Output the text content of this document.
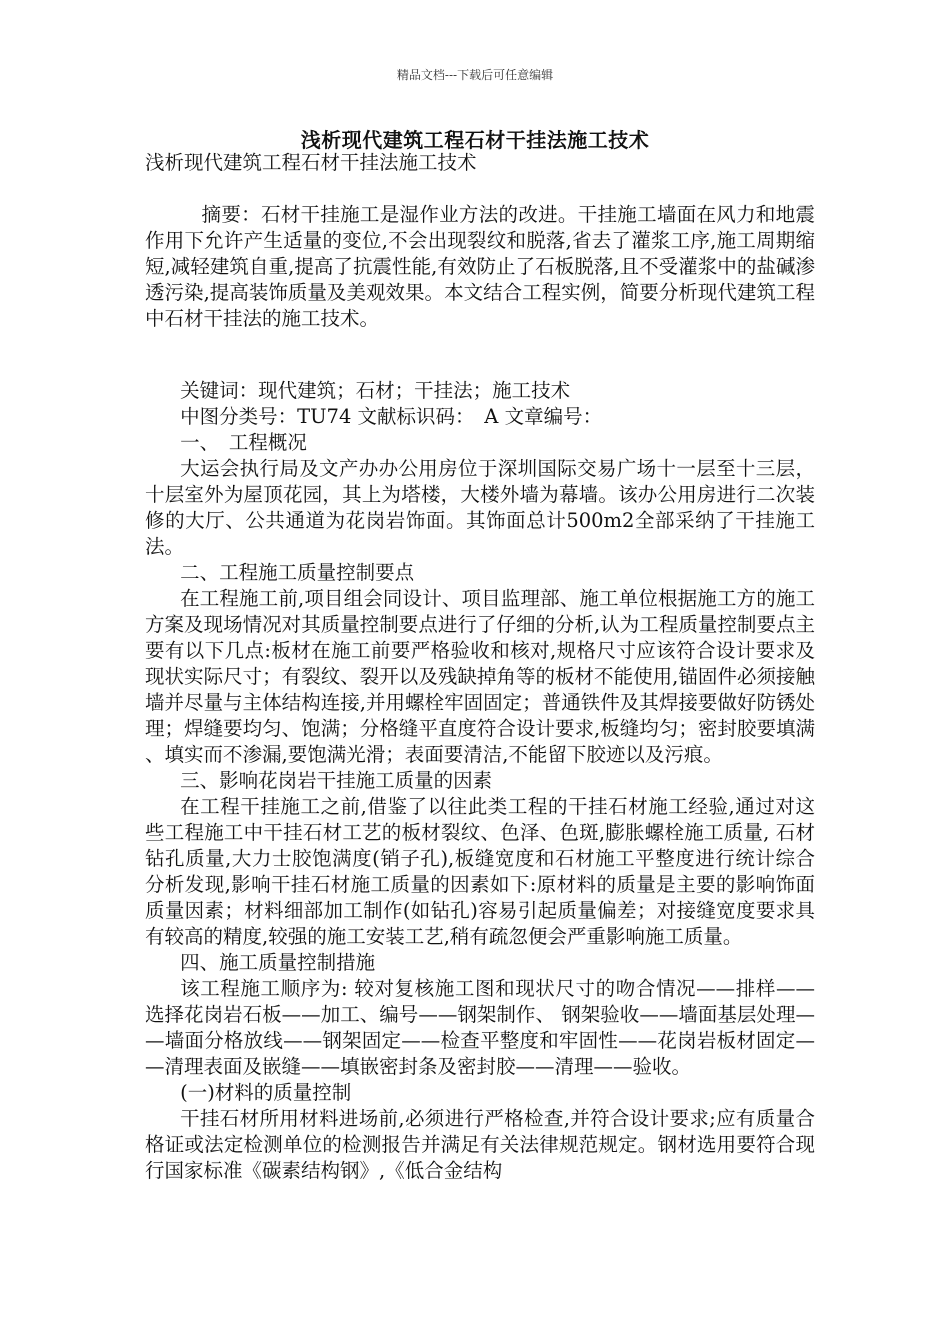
精品文档---下载后可任意编辑
浅析现代建筑工程石材干挂法施工技术

浅析现代建筑工程石材干挂法施工技术

摘要：石材干挂施工是湿作业方法的改进。干挂施工墙面在风力和地震作用下允许产生适量的变位,不会出现裂纹和脱落,省去了灌浆工序,施工周期缩短,减轻建筑自重,提高了抗震性能,有效防止了石板脱落,且不受灌浆中的盐碱渗透污染,提高装饰质量及美观效果。本文结合工程实例，简要分析现代建筑工程中石材干挂法的施工技术。

关键词：现代建筑；石材；干挂法；施工技术

中图分类号：TU74 文献标识码：　A 文章编号：

一、　工程概况

大运会执行局及文产办办公用房位于深圳国际交易广场十一层至十三层，十层室外为屋顶花园，其上为塔楼，大楼外墙为幕墙。该办公用房进行二次装修的大厅、公共通道为花岗岩饰面。其饰面总计500m2全部采纳了干挂施工法。

二、工程施工质量控制要点

在工程施工前,项目组会同设计、项目监理部、施工单位根据施工方的施工方案及现场情况对其质量控制要点进行了仔细的分析,认为工程质量控制要点主要有以下几点:板材在施工前要严格验收和核对,规格尺寸应该符合设计要求及现状实际尺寸；有裂纹、裂开以及残缺掉角等的板材不能使用,锚固件必须接触墙并尽量与主体结构连接,并用螺栓牢固固定；普通铁件及其焊接要做好防锈处理；焊缝要均匀、饱满；分格缝平直度符合设计要求,板缝均匀；密封胶要填满、填实而不渗漏,要饱满光滑；表面要清洁,不能留下胶迹以及污痕。

三、影响花岗岩干挂施工质量的因素

在工程干挂施工之前,借鉴了以往此类工程的干挂石材施工经验,通过对这些工程施工中干挂石材工艺的板材裂纹、色泽、色斑,膨胀螺栓施工质量, 石材钻孔质量,大力士胶饱满度(销子孔),板缝宽度和石材施工平整度进行统计综合分析发现,影响干挂石材施工质量的因素如下:原材料的质量是主要的影响饰面质量因素；材料细部加工制作(如钻孔)容易引起质量偏差；对接缝宽度要求具有较高的精度,较强的施工安装工艺,稍有疏忽便会严重影响施工质量。

四、施工质量控制措施

该工程施工顺序为: 较对复核施工图和现状尺寸的吻合情况——排样——选择花岗岩石板——加工、编号——钢架制作、 钢架验收——墙面基层处理——墙面分格放线——钢架固定——检查平整度和牢固性——花岗岩板材固定——清理表面及嵌缝——填嵌密封条及密封胶——清理——验收。

(一)材料的质量控制

干挂石材所用材料进场前,必须进行严格检查,并符合设计要求;应有质量合格证或法定检测单位的检测报告并满足有关法律规范规定。钢材选用要符合现行国家标准《碳素结构钢》,《低合金结构
